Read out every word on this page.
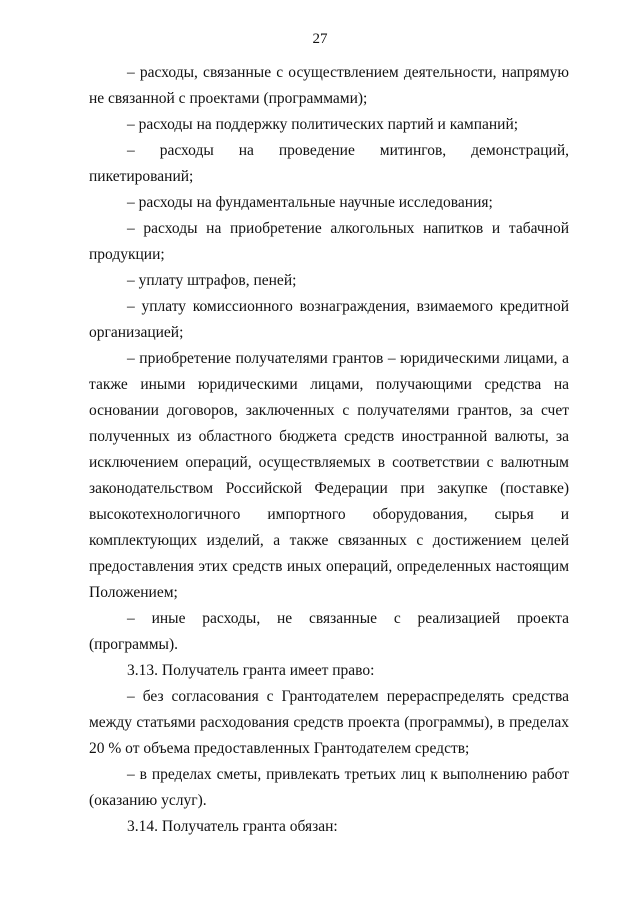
27

– расходы, связанные с осуществлением деятельности, напрямую не связанной с проектами (программами);

– расходы на поддержку политических партий и кампаний;

– расходы на проведение митингов, демонстраций, пикетирований;

– расходы на фундаментальные научные исследования;

– расходы на приобретение алкогольных напитков и табачной продукции;

– уплату штрафов, пеней;

– уплату комиссионного вознаграждения, взимаемого кредитной организацией;

– приобретение получателями грантов – юридическими лицами, а также иными юридическими лицами, получающими средства на основании договоров, заключенных с получателями грантов, за счет полученных из областного бюджета средств иностранной валюты, за исключением операций, осуществляемых в соответствии с валютным законодательством Российской Федерации при закупке (поставке) высокотехнологичного импортного оборудования, сырья и комплектующих изделий, а также связанных с достижением целей предоставления этих средств иных операций, определенных настоящим Положением;

– иные расходы, не связанные с реализацией проекта (программы).

3.13. Получатель гранта имеет право:

– без согласования с Грантодателем перераспределять средства между статьями расходования средств проекта (программы), в пределах 20 % от объема предоставленных Грантодателем средств;

– в пределах сметы, привлекать третьих лиц к выполнению работ (оказанию услуг).

3.14. Получатель гранта обязан:
